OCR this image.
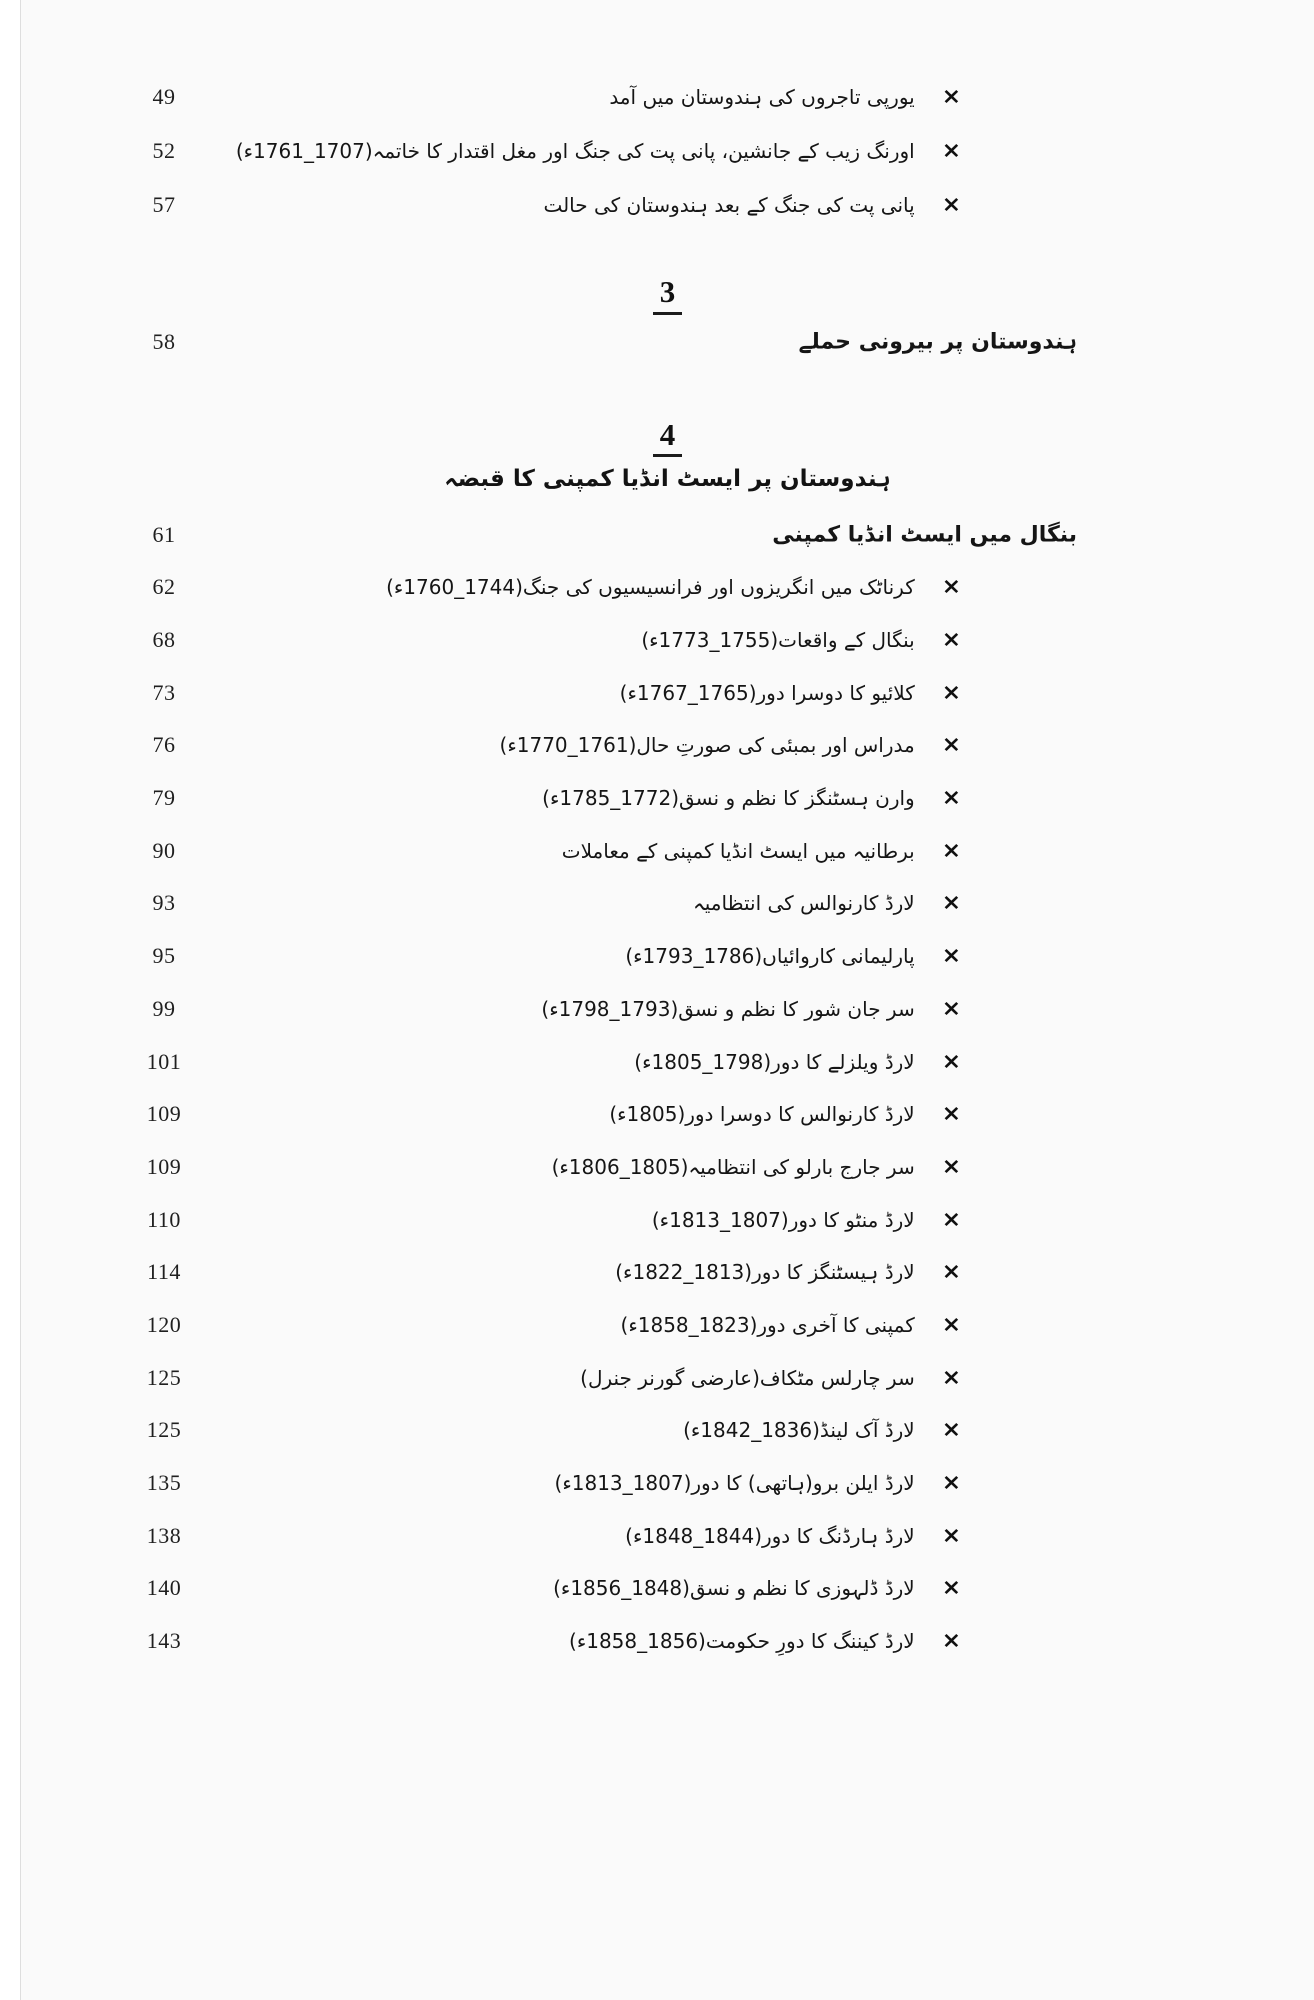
49	×یورپی تاجروں کی ہندوستان میں آمد
52	×اورنگ زیب کے جانشین، پانی پت کی جنگ اور مغل اقتدار کا خاتمہ(1707_1761ء)
57	×پانی پت کی جنگ کے بعد ہندوستان کی حالت
3
58	ہندوستان پر بیرونی حملے
4
ہندوستان پر ایسٹ انڈیا کمپنی کا قبضہ
61	بنگال میں ایسٹ انڈیا کمپنی
62	×کرناٹک میں انگریزوں اور فرانسیسیوں کی جنگ(1744_1760ء)
68	×بنگال کے واقعات(1755_1773ء)
73	×کلائیو کا دوسرا دور(1765_1767ء)
76	×مدراس اور بمبئی کی صورتِ حال(1761_1770ء)
79	×وارن ہسٹنگز کا نظم و نسق(1772_1785ء)
90	×برطانیہ میں ایسٹ انڈیا کمپنی کے معاملات
93	×لارڈ کارنوالس کی انتظامیہ
95	×پارلیمانی کاروائیاں(1786_1793ء)
99	×سر جان شور کا نظم و نسق(1793_1798ء)
101	×لارڈ ویلزلے کا دور(1798_1805ء)
109	×لارڈ کارنوالس کا دوسرا دور(1805ء)
109	×سر جارج بارلو کی انتظامیہ(1805_1806ء)
110	×لارڈ منٹو کا دور(1807_1813ء)
114	×لارڈ ہیسٹنگز کا دور(1813_1822ء)
120	×کمپنی کا آخری دور(1823_1858ء)
125	×سر چارلس مٹکاف(عارضی گورنر جنرل)
125	×لارڈ آک لینڈ(1836_1842ء)
135	×لارڈ ایلن برو(ہاتھی) کا دور(1807_1813ء)
138	×لارڈ ہارڈنگ کا دور(1844_1848ء)
140	×لارڈ ڈلہوزی کا نظم و نسق(1848_1856ء)
143	×لارڈ کیننگ کا دورِ حکومت(1856_1858ء)
